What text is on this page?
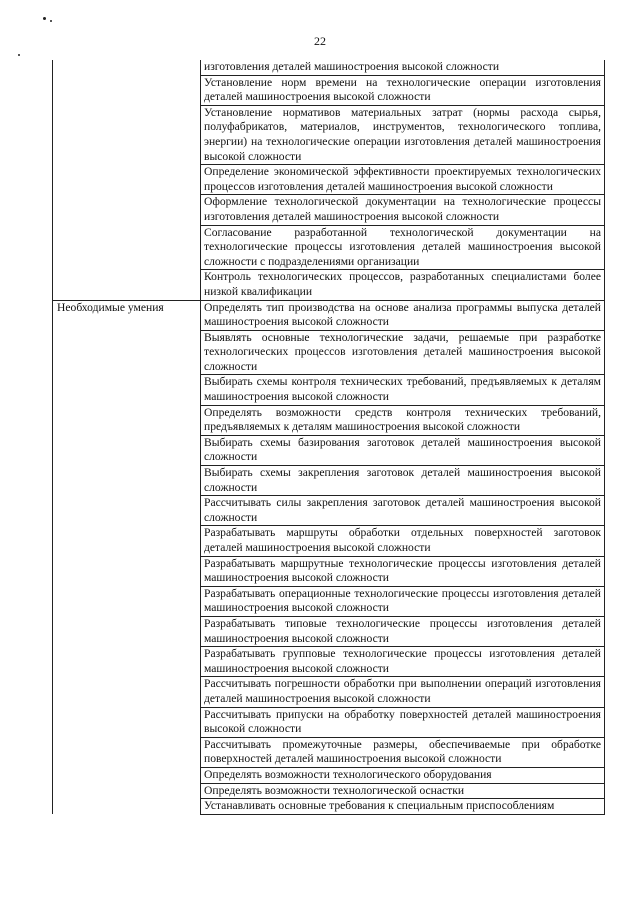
22
	изготовления деталей машиностроения высокой сложности
	Установление норм времени на технологические операции изготовления деталей машиностроения высокой сложности
	Установление нормативов материальных затрат (нормы расхода сырья, полуфабрикатов, материалов, инструментов, технологического топлива, энергии) на технологические операции изготовления деталей машиностроения высокой сложности
	Определение экономической эффективности проектируемых технологических процессов изготовления деталей машиностроения высокой сложности
	Оформление технологической документации на технологические процессы изготовления деталей машиностроения высокой сложности
	Согласование разработанной технологической документации на технологические процессы изготовления деталей машиностроения высокой сложности с подразделениями организации
	Контроль технологических процессов, разработанных специалистами более низкой квалификации
Необходимые умения	Определять тип производства на основе анализа программы выпуска деталей машиностроения высокой сложности
	Выявлять основные технологические задачи, решаемые при разработке технологических процессов изготовления деталей машиностроения высокой сложности
	Выбирать схемы контроля технических требований, предъявляемых к деталям машиностроения высокой сложности
	Определять возможности средств контроля технических требований, предъявляемых к деталям машиностроения высокой сложности
	Выбирать схемы базирования заготовок деталей машиностроения высокой сложности
	Выбирать схемы закрепления заготовок деталей машиностроения высокой сложности
	Рассчитывать силы закрепления заготовок деталей машиностроения высокой сложности
	Разрабатывать маршруты обработки отдельных поверхностей заготовок деталей машиностроения высокой сложности
	Разрабатывать маршрутные технологические процессы изготовления деталей машиностроения высокой сложности
	Разрабатывать операционные технологические процессы изготовления деталей машиностроения высокой сложности
	Разрабатывать типовые технологические процессы изготовления деталей машиностроения высокой сложности
	Разрабатывать групповые технологические процессы изготовления деталей машиностроения высокой сложности
	Рассчитывать погрешности обработки при выполнении операций изготовления деталей машиностроения высокой сложности
	Рассчитывать припуски на обработку поверхностей деталей машиностроения высокой сложности
	Рассчитывать промежуточные размеры, обеспечиваемые при обработке поверхностей деталей машиностроения высокой сложности
	Определять возможности технологического оборудования
	Определять возможности технологической оснастки
	Устанавливать основные требования к специальным приспособлениям
